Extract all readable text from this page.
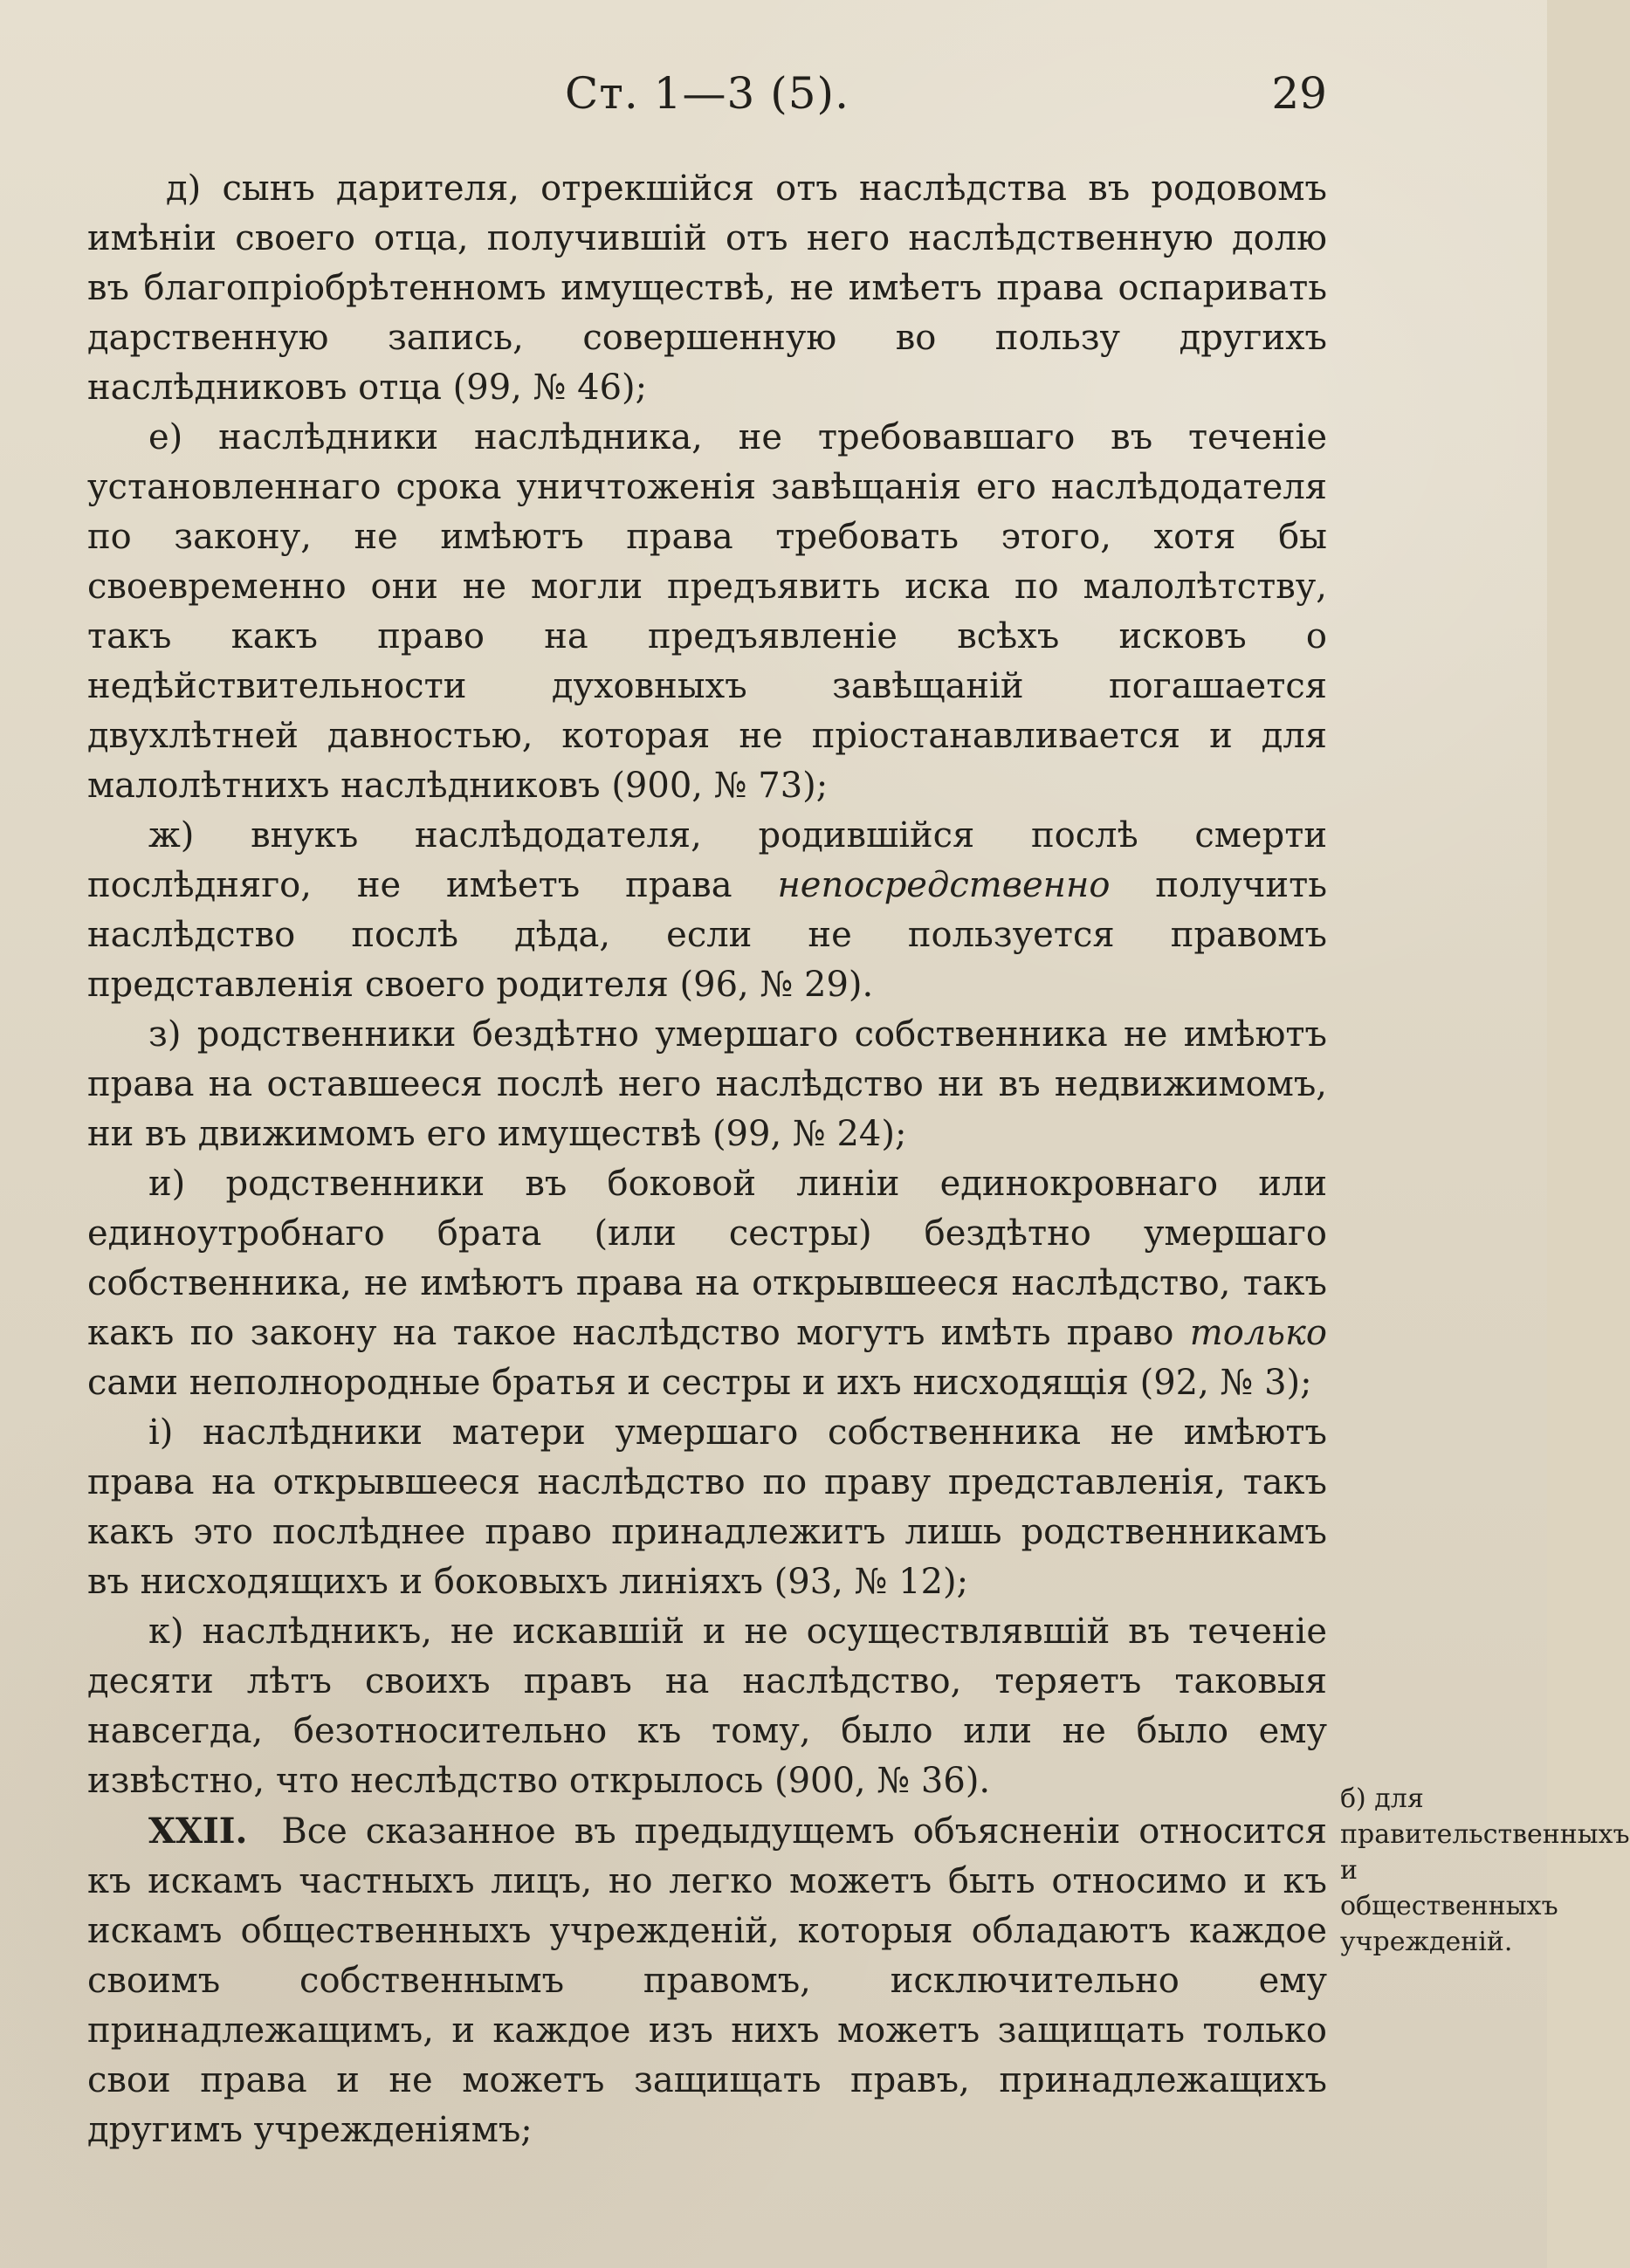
Ст. 1—3 (5).	29

д) сынъ дарителя, отрекшійся отъ наслѣдства въ родовомъ имѣніи своего отца, получившій отъ него наслѣдственную долю въ благопріобрѣтенномъ имуществѣ, не имѣетъ права оспаривать дарственную запись, совершенную во пользу другихъ наслѣдниковъ отца (99, № 46);

е) наслѣдники наслѣдника, не требовавшаго въ теченіе установленнаго срока уничтоженія завѣщанія его наслѣдодателя по закону, не имѣютъ права требовать этого, хотя бы своевременно они не могли предъявить иска по малолѣтству, такъ какъ право на предъявленіе всѣхъ исковъ о недѣйствительности духовныхъ завѣщаній погашается двухлѣтней давностью, которая не пріостанавливается и для малолѣтнихъ наслѣдниковъ (900, № 73);

ж) внукъ наслѣдодателя, родившійся послѣ смерти послѣдняго, не имѣетъ права непосредственно получить наслѣдство послѣ дѣда, если не пользуется правомъ представленія своего родителя (96, № 29).

з) родственники бездѣтно умершаго собственника не имѣютъ права на оставшееся послѣ него наслѣдство ни въ недвижимомъ, ни въ движимомъ его имуществѣ (99, № 24);

и) родственники въ боковой линіи единокровнаго или единоутробнаго брата (или сестры) бездѣтно умершаго собственника, не имѣютъ права на открывшееся наслѣдство, такъ какъ по закону на такое наслѣдство могутъ имѣть право только сами неполнородные братья и сестры и ихъ нисходящія (92, № 3);

і) наслѣдники матери умершаго собственника не имѣютъ права на открывшееся наслѣдство по праву представленія, такъ какъ это послѣднее право принадлежитъ лишь родственникамъ въ нисходящихъ и боковыхъ линіяхъ (93, № 12);

к) наслѣдникъ, не искавшій и не осуществлявшій въ теченіе десяти лѣтъ своихъ правъ на наслѣдство, теряетъ таковыя навсегда, безотносительно къ тому, было или не было ему извѣстно, что неслѣдство открылось (900, № 36).

XXII. Все сказанное въ предыдущемъ объясненіи относится къ искамъ частныхъ лицъ, но легко можетъ быть относимо и къ искамъ общественныхъ учрежденій, которыя обладаютъ каждое своимъ собственнымъ правомъ, исключительно ему принадлежащимъ, и каждое изъ нихъ можетъ защищать только свои права и не можетъ защищать правъ, принадлежащихъ другимъ учрежденіямъ;

б) для правительственныхъ и общественныхъ учрежденій.
